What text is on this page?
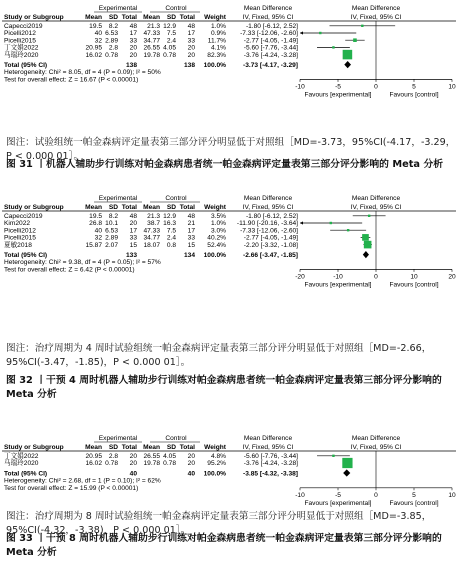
Experimental	Control	Mean Difference	Mean Difference
Study or Subgroup	Mean SD Total Mean SD Total Weight	IV, Fixed, 95% CI	IV, Fixed, 95% CI
Capecci2019	19.5 8.2 48 21.3 12.9 48 1.0%	-1.80 [-6.12, 2.52]
Picelli2012	40 6.53 17 47.33 7.5 17 0.9% -7.33 [-12.06, -2.60]
Picelli2015	32 2.89 33 34.77 2.4 33 11.7%	-2.77 [-4.05, -1.49]
丁文娟2022	20.95 2.8 20 26.55 4.05 20 4.1%	-5.60 [-7.76, -3.44]
马瑞玲2020	16.02 0.78 20 19.78 0.78 20 82.3%	-3.76 [-4.24, -3.28]
Total (95% CI)	138	138 100.0%	-3.73 [-4.17, -3.29]
Heterogeneity: Chi² = 8.05, df = 4 (P = 0.09); I² = 50%
Test for overall effect: Z = 16.67 (P < 0.00001)
-10	-5	0	5	10
Favours [experimental]	Favours [control]
图注：试验组统一帕金森病评定量表第三部分评分明显低于对照组［MD=-3.73，95%CI(-4.17，-3.29，P < 0.000 01］。
图 31 丨机器人辅助步行训练对帕金森病患者统一帕金森病评定量表第三部分评分影响的 Meta 分析
Experimental	Control	Mean Difference	Mean Difference
Study or Subgroup	Mean SD Total Mean SD Total Weight	IV, Fixed, 95% CI	IV, Fixed, 95% CI
Capecci2019	19.5 8.2 48 21.3 12.9 48 3.5%	-1.80 [-6.12, 2.52]
Kim2022	26.8 10.1 20 38.7 16.3 21 1.0% -11.90 [-20.16, -3.64]
Picelli2012	40 6.53 17 47.33 7.5 17 3.0% -7.33 [-12.06, -2.60]
Picelli2015	32 2.89 33 34.77 2.4 33 40.2%	-2.77 [-4.05, -1.49]
夏敏2018	15.87 2.07 15 18.07 0.8 15 52.4%	-2.20 [-3.32, -1.08]
Total (95% CI)	133	134 100.0%	-2.66 [-3.47, -1.85]
Heterogeneity: Chi² = 9.38, df = 4 (P = 0.05); I² = 57%
Test for overall effect: Z = 6.42 (P < 0.00001)
-20	-10	0	10	20
Favours [experimental]	Favours [control]
图注：治疗周期为 4 周时试验组统一帕金森病评定量表第三部分评分明显低于对照组［MD=-2.66，95%CI(-3.47，-1.85)，P < 0.000 01］。
图 32 丨干预 4 周时机器人辅助步行训练对帕金森病患者统一帕金森病评定量表第三部分评分影响的 Meta 分析
Experimental	Control	Mean Difference	Mean Difference
Study or Subgroup	Mean SD Total Mean SD Total Weight	IV, Fixed, 95% CI	IV, Fixed, 95% CI
丁文娟2022	20.95 2.8 20 26.55 4.05 20 4.8%	-5.60 [-7.76, -3.44]
马瑞玲2020	16.02 0.78 20 19.78 0.78 20 95.2%	-3.76 [-4.24, -3.28]
Total (95% CI)	40	40 100.0%	-3.85 [-4.32, -3.38]
Heterogeneity: Chi² = 2.68, df = 1 (P = 0.10); I² = 62%
Test for overall effect: Z = 15.99 (P < 0.00001)
-10	-5	0	5	10
Favours [experimental]	Favours [control]
图注：治疗周期为 8 周时试验组统一帕金森病评定量表第三部分评分明显低于对照组［MD=-3.85，95%CI(-4.32，-3.38)，P < 0.000 01］。
图 33 丨干预 8 周时机器人辅助步行训练对帕金森病患者统一帕金森病评定量表第三部分评分影响的 Meta 分析
